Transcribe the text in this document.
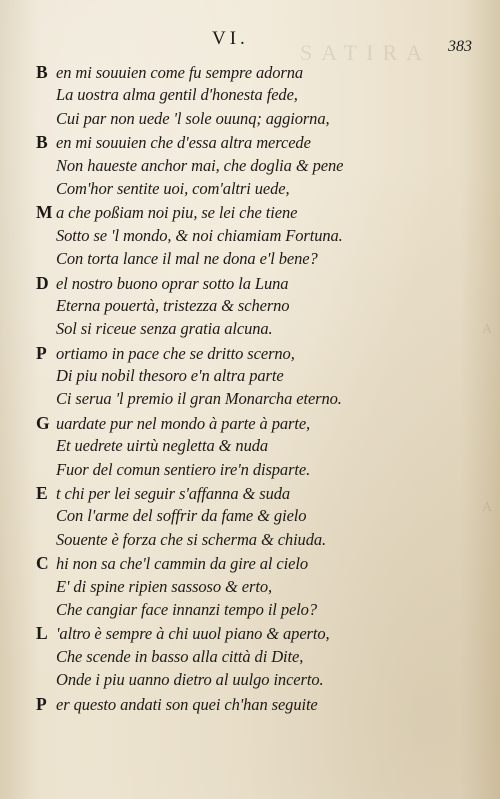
SATIRA
VI.	383
B en mi souuien come fu sempre adorna
La uostra alma gentil d'honesta fede,
Cui par non uede 'l sole ouunq; aggiorna,
B en mi souuien che d'essa altra mercede
Non haueste anchor mai, che doglia & pene
Com'hor sentite uoi, com'altri uede,
M a che poßiam noi piu, se lei che tiene
Sotto se 'l mondo, & noi chiamiam Fortuna.
Con torta lance il mal ne dona e'l bene?
D el nostro buono oprar sotto la Luna
Eterna pouertà, tristezza & scherno
Sol si riceue senza gratia alcuna.
P ortiamo in pace che se dritto scerno,
Di piu nobil thesoro e'n altra parte
Ci serua 'l premio il gran Monarcha eterno.
G uardate pur nel mondo à parte à parte,
Et uedrete uirtù negletta & nuda
Fuor del comun sentiero ire'n disparte.
E t chi per lei seguir s'affanna & suda
Con l'arme del soffrir da fame & gielo
Souente è forza che si scherma & chiuda.
C hi non sa che'l cammin da gire al cielo
E' di spine ripien sassoso & erto,
Che cangiar face innanzi tempo il pelo?
L 'altro è sempre à chi uuol piano & aperto,
Che scende in basso alla città di Dite,
Onde i piu uanno dietro al uulgo incerto.
P er questo andati son quei ch'han seguite
A
A
